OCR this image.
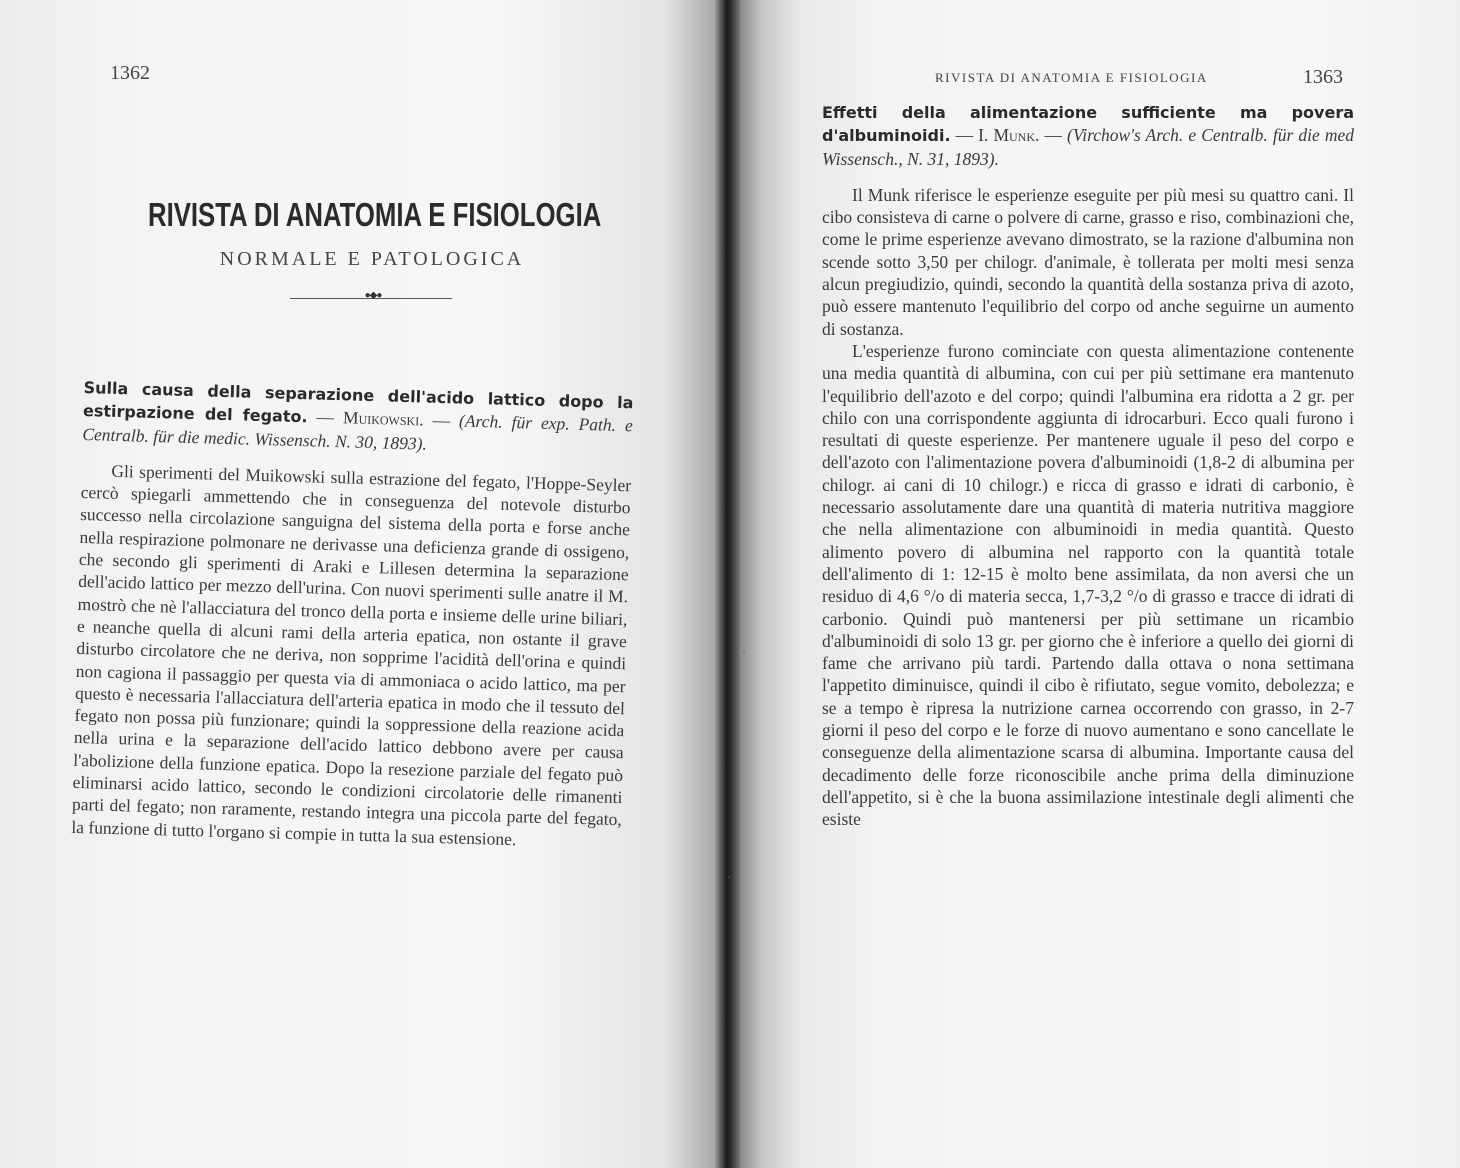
1362
RIVISTA DI ANATOMIA E FISIOLOGIA
NORMALE E PATOLOGICA
●◆●

Sulla causa della separazione dell'acido lattico dopo la estirpazione del fegato. — Muikowski. — (Arch. für exp. Path. e Centralb. für die medic. Wissensch. N. 30, 1893).

Gli sperimenti del Muikowski sulla estrazione del fegato, l'Hoppe-Seyler cercò spiegarli ammettendo che in conseguenza del notevole disturbo successo nella circolazione sanguigna del sistema della porta e forse anche nella respirazione polmonare ne derivasse una deficienza grande di ossigeno, che secondo gli sperimenti di Araki e Lillesen determina la separazione dell'acido lattico per mezzo dell'urina. Con nuovi sperimenti sulle anatre il M. mostrò che nè l'allacciatura del tronco della porta e insieme delle urine biliari, e neanche quella di alcuni rami della arteria epatica, non ostante il grave disturbo circolatore che ne deriva, non sopprime l'acidità dell'orina e quindi non cagiona il passaggio per questa via di ammoniaca o acido lattico, ma per questo è necessaria l'allacciatura dell'arteria epatica in modo che il tessuto del fegato non possa più funzionare; quindi la soppressione della reazione acida nella urina e la separazione dell'acido lattico debbono avere per causa l'abolizione della funzione epatica. Dopo la resezione parziale del fegato può eliminarsi acido lattico, secondo le condizioni circolatorie delle rimanenti parti del fegato; non raramente, restando integra una piccola parte del fegato, la funzione di tutto l'organo si compie in tutta la sua estensione.

RIVISTA DI ANATOMIA E FISIOLOGIA	1363

Effetti della alimentazione sufficiente ma povera d'albuminoidi. — I. Munk. — (Virchow's Arch. e Centralb. für die med Wissensch., N. 31, 1893).

Il Munk riferisce le esperienze eseguite per più mesi su quattro cani. Il cibo consisteva di carne o polvere di carne, grasso e riso, combinazioni che, come le prime esperienze avevano dimostrato, se la razione d'albumina non scende sotto 3,50 per chilogr. d'animale, è tollerata per molti mesi senza alcun pregiudizio, quindi, secondo la quantità della sostanza priva di azoto, può essere mantenuto l'equilibrio del corpo od anche seguirne un aumento di sostanza.

L'esperienze furono cominciate con questa alimentazione contenente una media quantità di albumina, con cui per più settimane era mantenuto l'equilibrio dell'azoto e del corpo; quindi l'albumina era ridotta a 2 gr. per chilo con una corrispondente aggiunta di idrocarburi. Ecco quali furono i resultati di queste esperienze. Per mantenere uguale il peso del corpo e dell'azoto con l'alimentazione povera d'albuminoidi (1,8-2 di albumina per chilogr. ai cani di 10 chilogr.) e ricca di grasso e idrati di carbonio, è necessario assolutamente dare una quantità di materia nutritiva maggiore che nella alimentazione con albuminoidi in media quantità. Questo alimento povero di albumina nel rapporto con la quantità totale dell'alimento di 1: 12-15 è molto bene assimilata, da non aversi che un residuo di 4,6 °/o di materia secca, 1,7-3,2 °/o di grasso e tracce di idrati di carbonio. Quindi può mantenersi per più settimane un ricambio d'albuminoidi di solo 13 gr. per giorno che è inferiore a quello dei giorni di fame che arrivano più tardi. Partendo dalla ottava o nona settimana l'appetito diminuisce, quindi il cibo è rifiutato, segue vomito, debolezza; e se a tempo è ripresa la nutrizione carnea occorrendo con grasso, in 2-7 giorni il peso del corpo e le forze di nuovo aumentano e sono cancellate le conseguenze della alimentazione scarsa di albumina. Importante causa del decadimento delle forze riconoscibile anche prima della diminuzione dell'appetito, si è che la buona assimilazione intestinale degli alimenti che esiste

·
·
·
